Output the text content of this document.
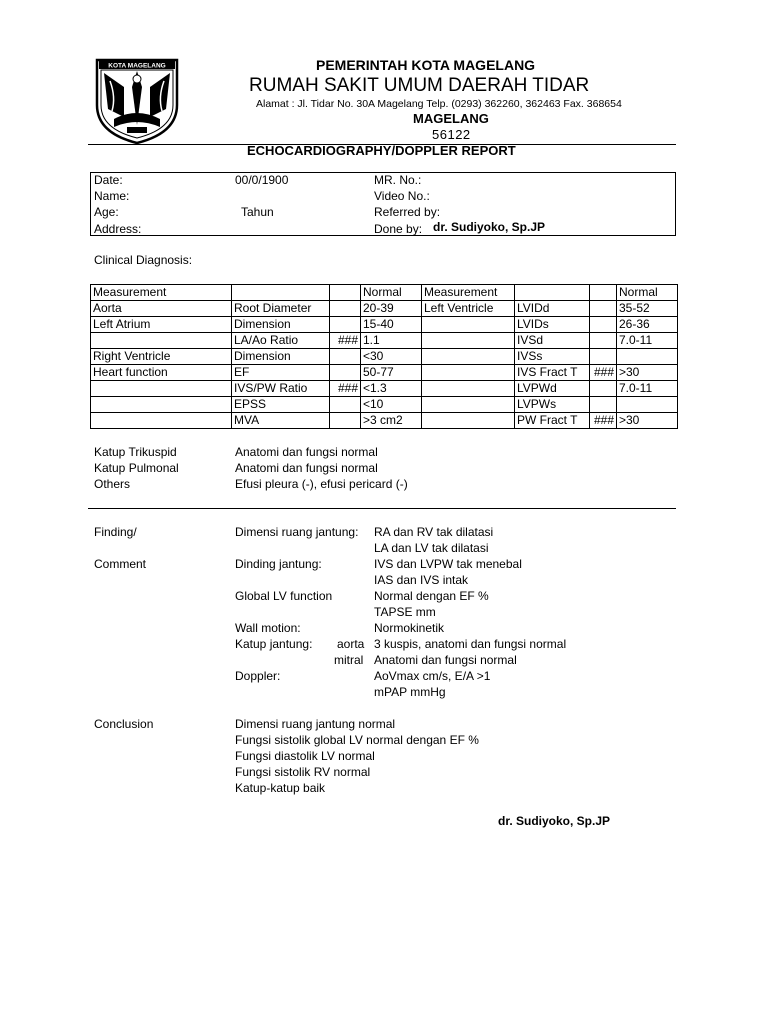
KOTA MAGELANG	PEMERINTAH KOTA MAGELANG
RUMAH SAKIT UMUM DAERAH TIDAR
Alamat : Jl. Tidar No. 30A Magelang Telp. (0293) 362260, 362463 Fax. 368654
MAGELANG
56122
ECHOCARDIOGRAPHY/DOPPLER REPORT
Date:	00/0/1900
Name:
Age:	Tahun
Address:
MR. No.:
Video No.:
Referred by:
Done by: dr. Sudiyoko, Sp.JP
Clinical Diagnosis:
Measurement			Normal	Measurement			Normal
Aorta	Root Diameter		20-39	Left Ventricle	LVIDd		35-52
Left Atrium	Dimension		15-40		LVIDs		26-36
	LA/Ao Ratio	###	1.1		IVSd		7.0-11
Right Ventricle	Dimension		<30		IVSs		
Heart function	EF		50-77		IVS Fract T	###	>30
	IVS/PW Ratio	###	<1.3		LVPWd		7.0-11
	EPSS		<10		LVPWs		
	MVA		>3 cm2		PW Fract T	###	>30
Katup Trikuspid	Anatomi dan fungsi normal
Katup Pulmonal	Anatomi dan fungsi normal
Others	Efusi pleura (-), efusi pericard (-)
Finding/
Comment
Dimensi ruang jantung: RA dan RV tak dilatasi
LA dan LV tak dilatasi
Dinding jantung:	IVS dan LVPW tak menebal
IAS dan IVS intak
Global LV function	Normal dengan EF %
TAPSE mm
Wall motion:	Normokinetik
Katup jantung: aorta 3 kuspis, anatomi dan fungsi normal
mitral Anatomi dan fungsi normal
Doppler:	AoVmax cm/s, E/A >1
mPAP mmHg
Conclusion	Dimensi ruang jantung normal
Fungsi sistolik global LV normal dengan EF %
Fungsi diastolik LV normal
Fungsi sistolik RV normal
Katup-katup baik
dr. Sudiyoko, Sp.JP
